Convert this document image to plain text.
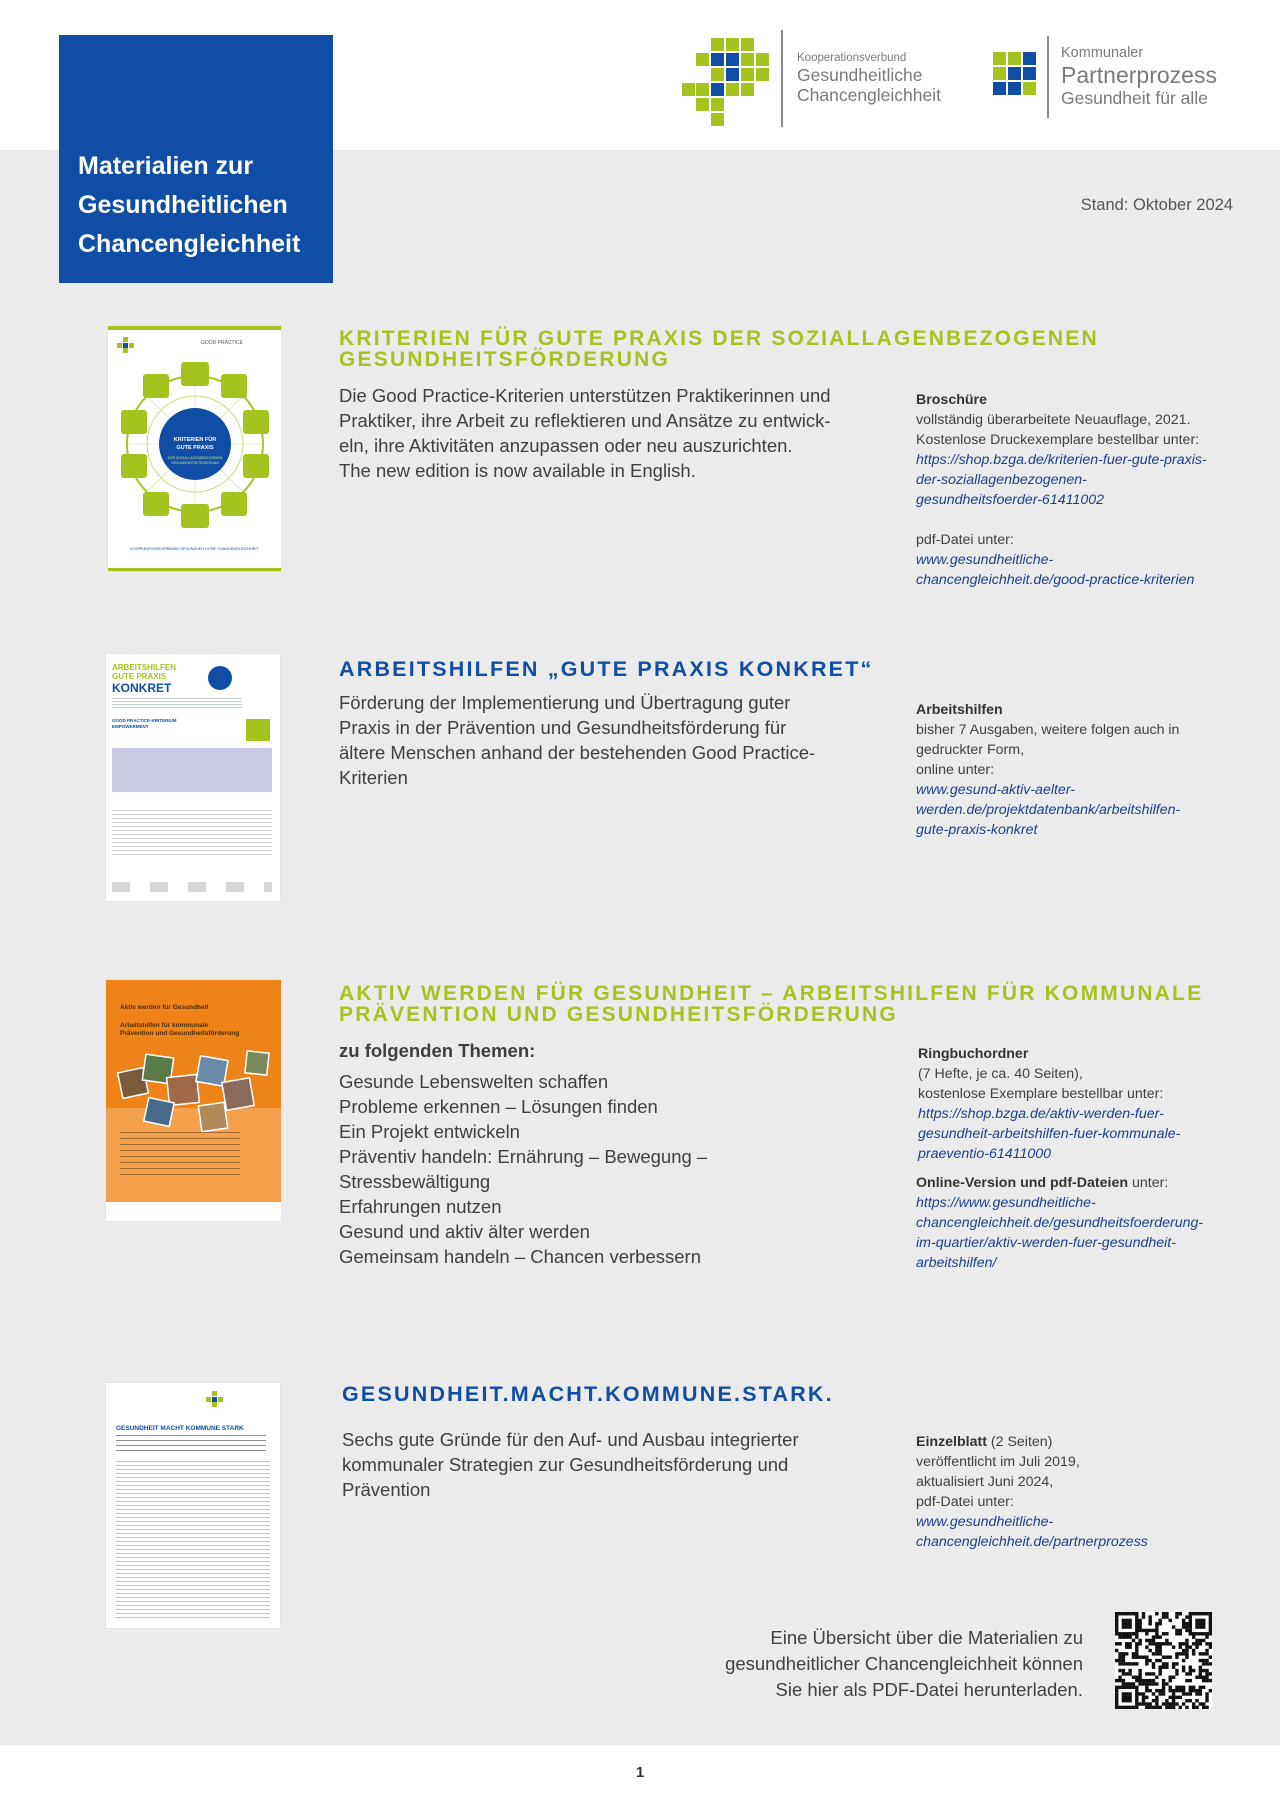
Materialien zur
Gesundheitlichen
Chancengleichheit
Kooperationsverbund
Gesundheitliche
Chancengleichheit
Kommunaler
Partnerprozess
Gesundheit für alle
Stand: Oktober 2024
GOOD PRACTICE
KRITERIEN FÜR GUTE PRAXIS
DER SOZIALLAGENBEZOGENEN GESUNDHEITSFÖRDERUNG
KOOPERATIONSVERBUND GESUNDHEITLICHE CHANCENGLEICHHEIT
KRITERIEN FÜR GUTE PRAXIS DER SOZIALLAGENBEZOGENEN
GESUNDHEITSFÖRDERUNG
Die Good Practice-Kriterien unterstützen Praktikerinnen und
Praktiker, ihre Arbeit zu reflektieren und Ansätze zu entwick-
eln, ihre Aktivitäten anzupassen oder neu auszurichten.
The new edition is now available in English.
Broschüre
vollständig überarbeitete Neuauflage, 2021.
Kostenlose Druckexemplare bestellbar unter:
https://shop.bzga.de/kriterien-fuer-gute-praxis-
der-soziallagenbezogenen-
gesundheitsfoerder-61411002
pdf-Datei unter:
www.gesundheitliche-
chancengleichheit.de/good-practice-kriterien
ARBEITSHILFEN
GUTE PRAXIS
KONKRET
GOOD PRACTICE-KRITERIUM
EMPOWERMENT
ARBEITSHILFEN „GUTE PRAXIS KONKRET“
Förderung der Implementierung und Übertragung guter
Praxis in der Prävention und Gesundheitsförderung für
ältere Menschen anhand der bestehenden Good Practice-
Kriterien
Arbeitshilfen
bisher 7 Ausgaben, weitere folgen auch in
gedruckter Form,
online unter:
www.gesund-aktiv-aelter-
werden.de/projektdatenbank/arbeitshilfen-
gute-praxis-konkret
Aktiv werden für Gesundheit
Arbeitshilfen für kommunale
Prävention und Gesundheitsförderung
AKTIV WERDEN FÜR GESUNDHEIT – ARBEITSHILFEN FÜR KOMMUNALE
PRÄVENTION UND GESUNDHEITSFÖRDERUNG
zu folgenden Themen:
Gesunde Lebenswelten schaffen
Probleme erkennen – Lösungen finden
Ein Projekt entwickeln
Präventiv handeln: Ernährung – Bewegung –
Stressbewältigung
Erfahrungen nutzen
Gesund und aktiv älter werden
Gemeinsam handeln – Chancen verbessern
Ringbuchordner
(7 Hefte, je ca. 40 Seiten),
kostenlose Exemplare bestellbar unter:
https://shop.bzga.de/aktiv-werden-fuer-
gesundheit-arbeitshilfen-fuer-kommunale-
praeventio-61411000
Online-Version und pdf-Dateien unter:
https://www.gesundheitliche-
chancengleichheit.de/gesundheitsfoerderung-
im-quartier/aktiv-werden-fuer-gesundheit-
arbeitshilfen/
GESUNDHEIT MACHT KOMMUNE STARK
GESUNDHEIT.MACHT.KOMMUNE.STARK.
Sechs gute Gründe für den Auf- und Ausbau integrierter
kommunaler Strategien zur Gesundheitsförderung und
Prävention
Einzelblatt (2 Seiten)
veröffentlicht im Juli 2019,
aktualisiert Juni 2024,
pdf-Datei unter:
www.gesundheitliche-
chancengleichheit.de/partnerprozess
Eine Übersicht über die Materialien zu
gesundheitlicher Chancengleichheit können
Sie hier als PDF-Datei herunterladen.
1
